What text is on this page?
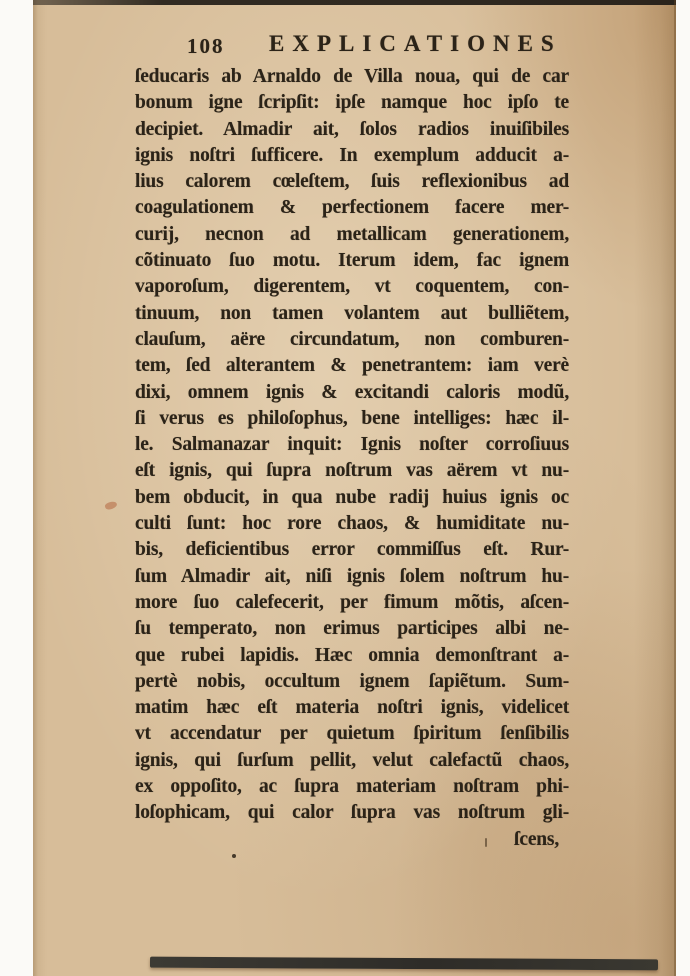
108 EXPLICATIONES
ſeducaris ab Arnaldo de Villa noua, qui de car
bonum igne ſcripſit: ipſe namque hoc ipſo te
decipiet. Almadir ait, ſolos radios inuiſibiles
ignis noſtri ſufficere. In exemplum adducit a-
lius calorem cœleſtem, ſuis reflexionibus ad
coagulationem & perfectionem facere mer-
curij, necnon ad metallicam generationem,
cõtinuato ſuo motu. Iterum idem, fac ignem
vaporoſum, digerentem, vt coquentem, con-
tinuum, non tamen volantem aut bulliẽtem,
clauſum, aëre circundatum, non comburen-
tem, ſed alterantem & penetrantem: iam verè
dixi, omnem ignis & excitandi caloris modũ,
ſi verus es philoſophus, bene intelliges: hæc il-
le. Salmanazar inquit: Ignis noſter corroſiuus
eſt ignis, qui ſupra noſtrum vas aërem vt nu-
bem obducit, in qua nube radij huius ignis oc
culti ſunt: hoc rore chaos, & humiditate nu-
bis, deficientibus error commiſſus eſt. Rur-
ſum Almadir ait, niſi ignis ſolem noſtrum hu-
more ſuo calefecerit, per fimum mõtis, aſcen-
ſu temperato, non erimus participes albi ne-
que rubei lapidis. Hæc omnia demonſtrant a-
pertè nobis, occultum ignem ſapiẽtum. Sum-
matim hæc eſt materia noſtri ignis, videlicet
vt accendatur per quietum ſpiritum ſenſibilis
ignis, qui ſurſum pellit, velut calefactũ chaos,
ex oppoſito, ac ſupra materiam noſtram phi-
loſophicam, qui calor ſupra vas noſtrum gli-
ſcens,
